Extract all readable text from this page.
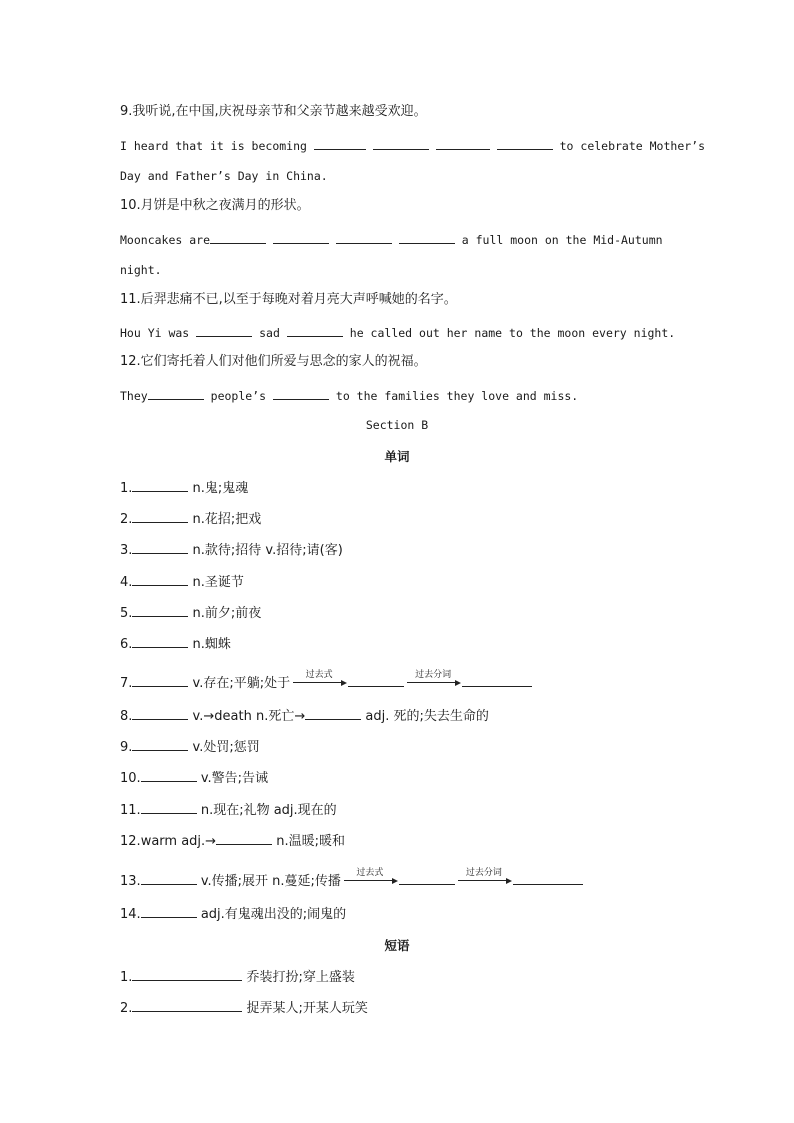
9.我听说,在中国,庆祝母亲节和父亲节越来越受欢迎。
I heard that it is becoming	to celebrate Mother’s
Day and Father’s Day in China.
10.月饼是中秋之夜满月的形状。
Mooncakes are	a full moon on the Mid-Autumn
night.
11.后羿悲痛不已,以至于每晚对着月亮大声呼喊她的名字。
Hou Yi was	sad	he called out her name to the moon every night.
12.它们寄托着人们对他们所爱与思念的家人的祝福。
They	people’s	to the families they love and miss.
Section B
单词
1.	n.鬼;鬼魂
2.	n.花招;把戏
3.	n.款待;招待 v.招待;请(客)
4.	n.圣诞节
5.	n.前夕;前夜
6.	n.蜘蛛
7.	v.存在;平躺;处于
过去式	过去分词
8.	v.→death n.死亡→	adj. 死的;失去生命的
9.	v.处罚;惩罚
10.	v.警告;告诫
11.	n.现在;礼物 adj.现在的
12.warm adj.→	n.温暖;暖和
13.	v.传播;展开 n.蔓延;传播
过去式	过去分词
14.	adj.有鬼魂出没的;闹鬼的
短语
1.	乔装打扮;穿上盛装
2.	捉弄某人;开某人玩笑
